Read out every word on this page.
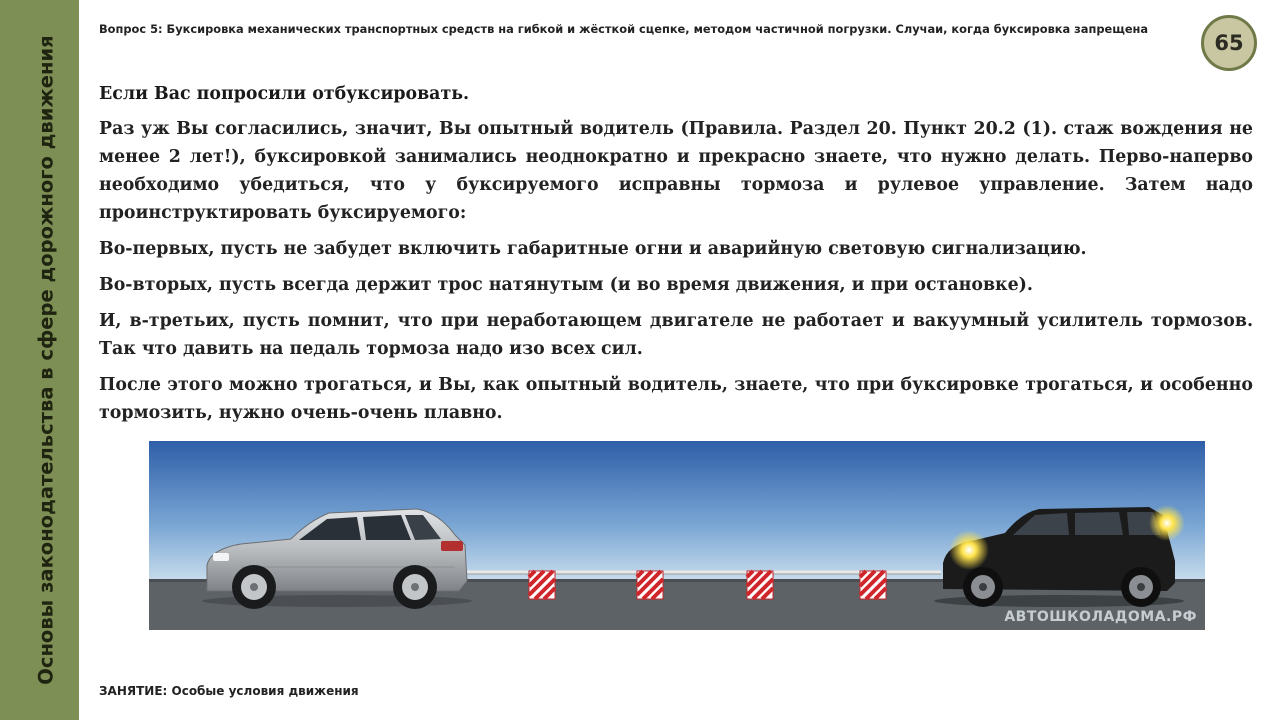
Основы законодательства в сфере дорожного движения
Вопрос 5: Буксировка механических транспортных средств на гибкой и жёсткой сцепке, методом частичной погрузки. Случаи, когда буксировка запрещена
65

Если Вас попросили отбуксировать.

Раз уж Вы согласились, значит, Вы опытный водитель (Правила. Раздел 20. Пункт 20.2 (1). стаж вождения не менее 2 лет!), буксировкой занимались неоднократно и прекрасно знаете, что нужно делать. Перво-наперво необходимо убедиться, что у буксируемого исправны тормоза и рулевое управление. Затем надо проинструктировать буксируемого:

Во-первых, пусть не забудет включить габаритные огни и аварийную световую сигнализацию.

Во-вторых, пусть всегда держит трос натянутым (и во время движения, и при остановке).

И, в-третьих, пусть помнит, что при неработающем двигателе не работает и вакуумный усилитель тормозов. Так что давить на педаль тормоза надо изо всех сил.

После этого можно трогаться, и Вы, как опытный водитель, знаете, что при буксировке трогаться, и особенно тормозить, нужно очень-очень плавно.

АВТОШКОЛАДОМА.РФ
ЗАНЯТИЕ: Особые условия движения
